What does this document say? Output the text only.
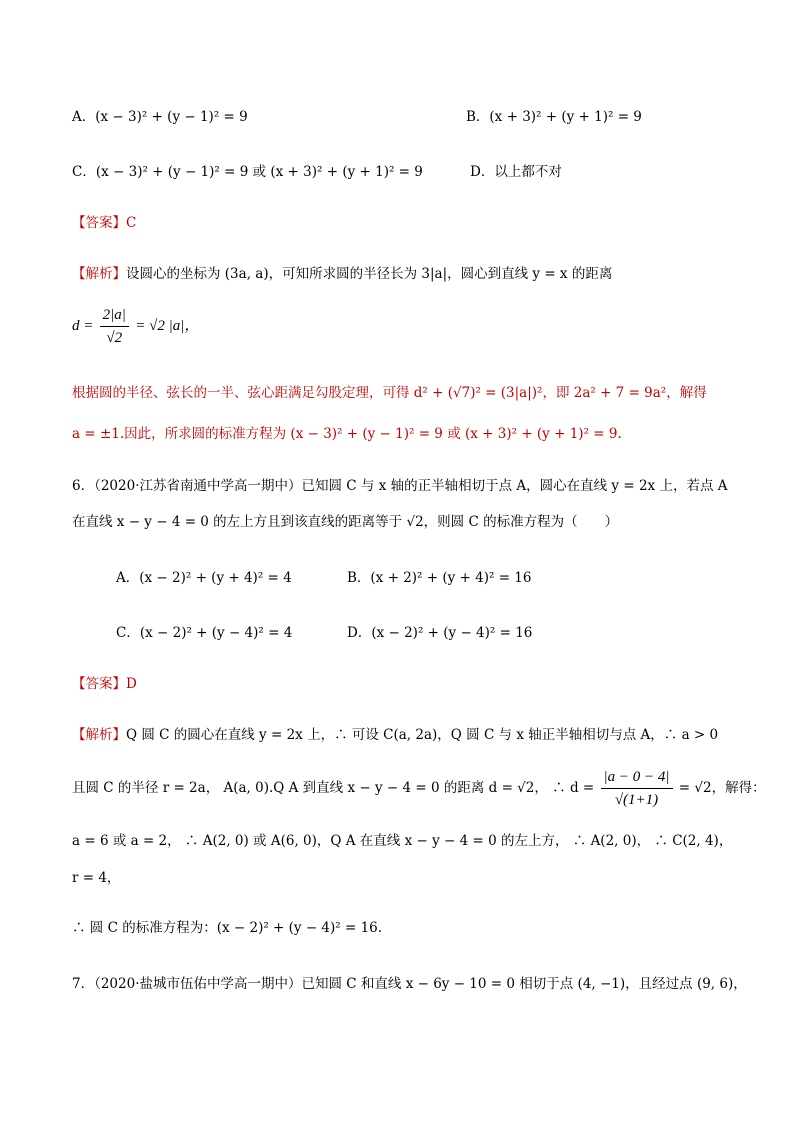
A．(x − 3)² + (y − 1)² = 9	B．(x + 3)² + (y + 1)² = 9
C．(x − 3)² + (y − 1)² = 9 或 (x + 3)² + (y + 1)² = 9	D．以上都不对
【答案】C
【解析】设圆心的坐标为 (3a, a)，可知所求圆的半径长为 3|a|，圆心到直线 y = x 的距离
$d = \frac{2|a|}{√2} = √2$ |a|，
根据圆的半径、弦长的一半、弦心距满足勾股定理，可得 d² + (√7)² = (3|a|)²，即 2a² + 7 = 9a²，解得
a = ±1.因此，所求圆的标准方程为 (x − 3)² + (y − 1)² = 9 或 (x + 3)² + (y + 1)² = 9.
6．（2020·江苏省南通中学高一期中）已知圆 C 与 x 轴的正半轴相切于点 A，圆心在直线 y = 2x 上，若点 A
在直线 x − y − 4 = 0 的左上方且到该直线的距离等于 √2，则圆 C 的标准方程为（　　）
A．(x − 2)² + (y + 4)² = 4	B．(x + 2)² + (y + 4)² = 16
C．(x − 2)² + (y − 4)² = 4	D．(x − 2)² + (y − 4)² = 16
【答案】D
【解析】Q 圆 C 的圆心在直线 y = 2x 上，∴ 可设 C(a, 2a)，Q 圆 C 与 x 轴正半轴相切与点 A，∴ a > 0
且圆 C 的半径 r = 2a， A(a, 0).Q A 到直线 x − y − 4 = 0 的距离 d = √2， ∴ $d = \frac{|a - 0 - 4|}{√(1+1)} = √2$，解得：
a = 6 或 a = 2， ∴ A(2, 0) 或 A(6, 0)，Q A 在直线 x − y − 4 = 0 的左上方， ∴ A(2, 0)， ∴ C(2, 4)，
r = 4，
∴ 圆 C 的标准方程为：(x − 2)² + (y − 4)² = 16.
7．（2020·盐城市伍佑中学高一期中）已知圆 C 和直线 x − 6y − 10 = 0 相切于点 (4, −1)，且经过点 (9, 6)，
